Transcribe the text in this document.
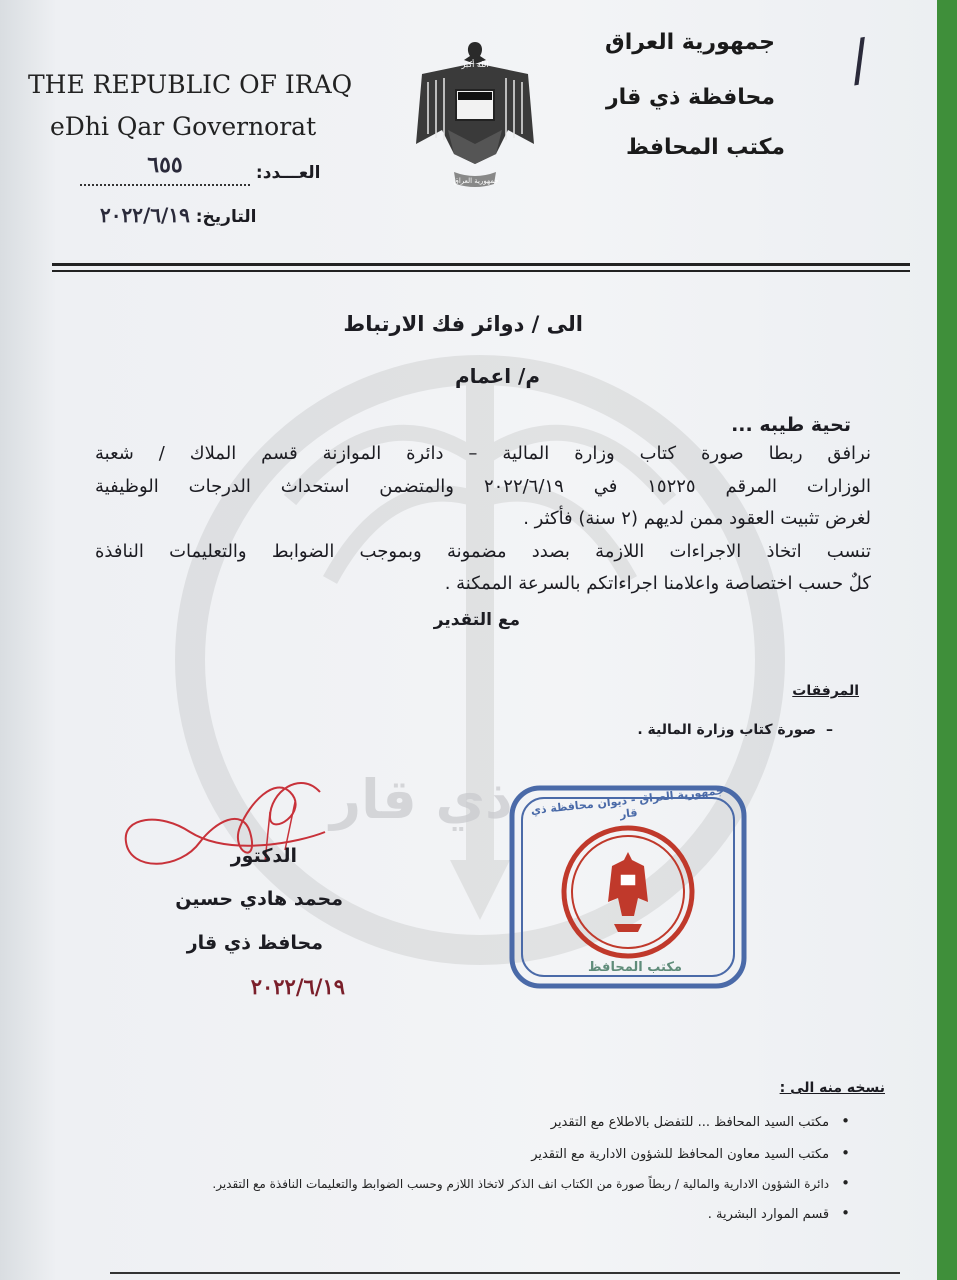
ذي قار
THE REPUBLIC OF IRAQ
eDhi Qar Governorat
العـــدد: ٦٥٥
التاريخ: ٢٠٢٢/٦/١٩
الله أكبر
جمهورية العراق
جمهورية العراق
محافظة ذي قار
مكتب المحافظ
/
الى / دوائر فك الارتباط
م/ اعمام
تحية طيبه ...
نرافق ربطا صورة كتاب وزارة المالية – دائرة الموازنة قسم الملاك / شعبة
الوزارات المرقم ١٥٢٢٥ في ٢٠٢٢/٦/١٩ والمتضمن استحداث الدرجات الوظيفية
لغرض تثبيت العقود ممن لديهم (٢ سنة) فأكثر .
تنسب اتخاذ الاجراءات اللازمة بصدد مضمونة وبموجب الضوابط والتعليمات النافذة
كلٌ حسب اختصاصة واعلامنا اجراءاتكم بالسرعة الممكنة .
مع التقدير
المرفقات
–صورة كتاب وزارة المالية .
الدكتور
محمد هادي حسين
محافظ ذي قار
٢٠٢٢/٦/١٩
جمهورية العراق - ديوان محافظة ذي قار
مكتب المحافظ
نسخه منه الى :
• مكتب السيد المحافظ ... للتفضل بالاطلاع مع التقدير
• مكتب السيد معاون المحافظ للشؤون الادارية مع التقدير
• دائرة الشؤون الادارية والمالية / ربطاً صورة من الكتاب انف الذكر لاتخاذ اللازم وحسب الضوابط والتعليمات النافذة مع التقدير.
• قسم الموارد البشرية .
